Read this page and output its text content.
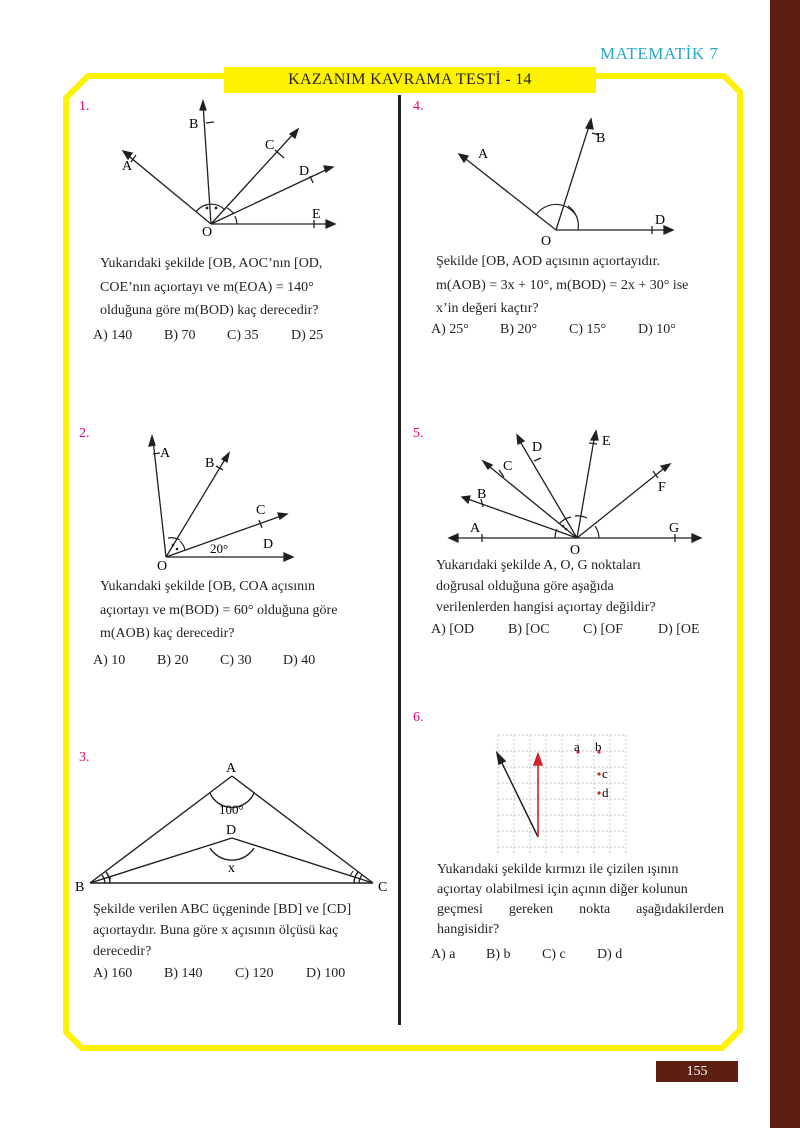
MATEMATİK 7
KAZANIM KAVRAMA TESTİ - 14
1.
B
A
C
D
E
O
Yukarıdaki şekilde [OB, AOC’nın [OD,
COE’nın açıortayı ve m(EOA) = 140°
olduğuna göre m(BOD) kaç derecedir?
A) 140	B) 70	C) 35	D) 25
2.
A
B
C
D
20°
O
Yukarıdaki şekilde [OB, COA açısının
açıortayı ve m(BOD) = 60° olduğuna göre
m(AOB) kaç derecedir?
A) 10	B) 20	C) 30	D) 40
3.
A
100°
D
x
B	C
Şekilde verilen ABC üçgeninde [BD] ve [CD]
açıortaydır. Buna göre x açısının ölçüsü kaç
derecedir?
A) 160	B) 140	C) 120	D) 100
4.
A
B
D
O
Şekilde [OB, AOD açısının açıortayıdır.
m(AOB) = 3x + 10°, m(BOD) = 2x + 30° ise
x’in değeri kaçtır?
A) 25°	B) 20°	C) 15°	D) 10°
5.
A
B
C
D	E
F
G
O
Yukarıdaki şekilde A, O, G noktaları
doğrusal olduğuna göre aşağıda
verilenlerden hangisi açıortay değildir?
A) [OD	B) [OC	C) [OF	D) [OE
6.
a b
c
d
Yukarıdaki şekilde kırmızı ile çizilen ışının
açıortay olabilmesi için açının diğer kolunun
geçmesi gereken nokta aşağıdakilerden
hangisidir?
A) a	B) b	C) c	D) d
155
